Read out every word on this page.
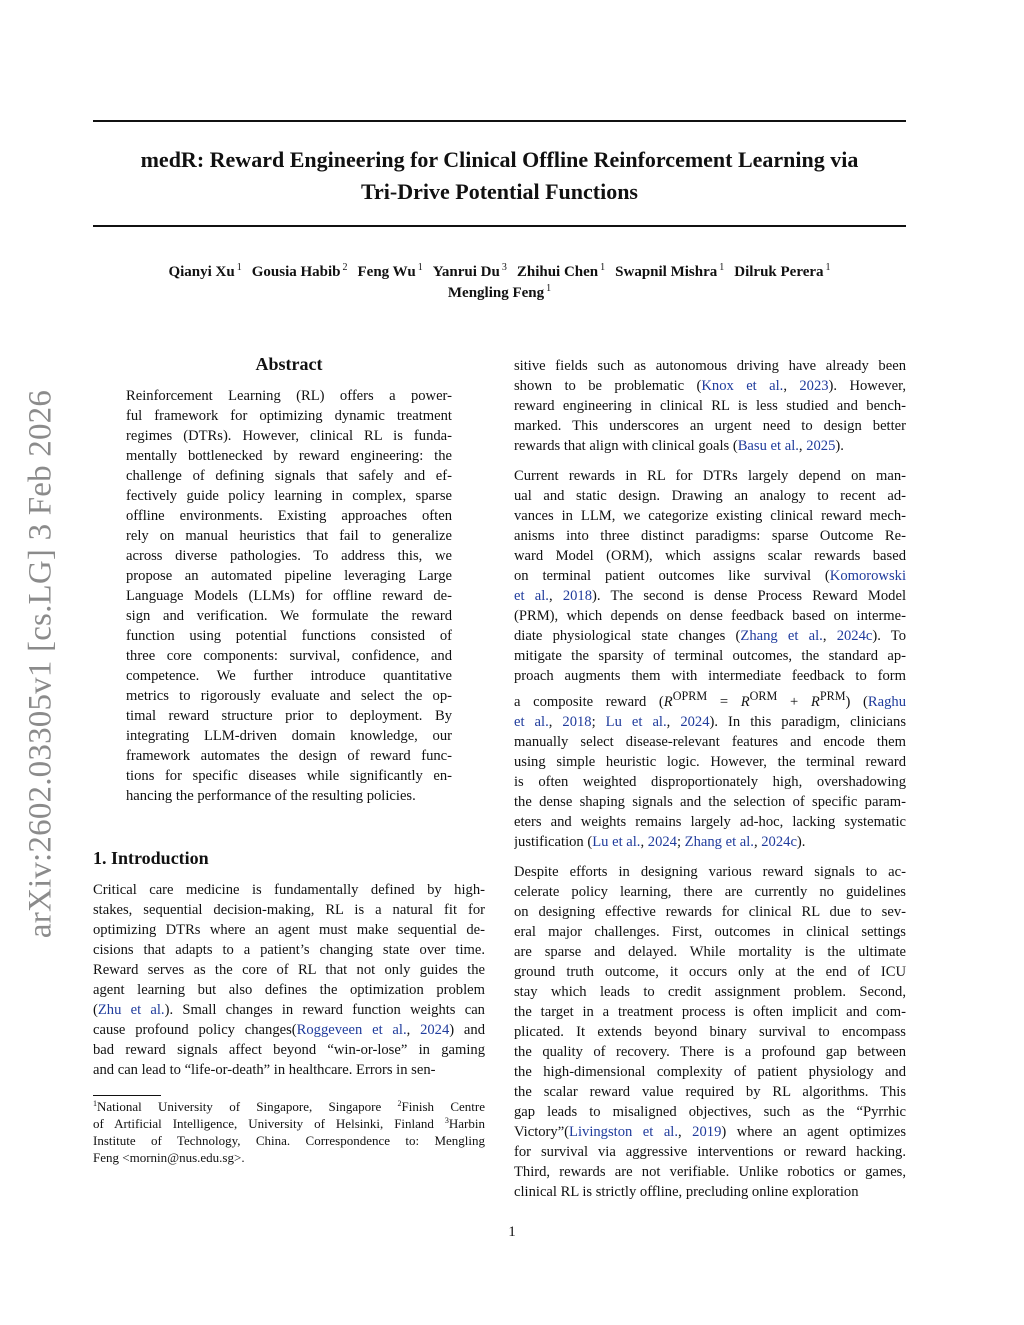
arXiv:2602.03305v1 [cs.LG] 3 Feb 2026
medR: Reward Engineering for Clinical Offline Reinforcement Learning via
Tri-Drive Potential Functions
Qianyi Xu $^1$ Gousia Habib $^2$ Feng Wu $^1$ Yanrui Du $^3$ Zhihui Chen $^1$ Swapnil Mishra $^1$ Dilruk Perera $^1$
Mengling Feng $^1$
Abstract
Reinforcement Learning (RL) offers a power-
ful framework for optimizing dynamic treatment
regimes (DTRs). However, clinical RL is funda-
mentally bottlenecked by reward engineering: the
challenge of defining signals that safely and ef-
fectively guide policy learning in complex, sparse
offline environments. Existing approaches often
rely on manual heuristics that fail to generalize
across diverse pathologies. To address this, we
propose an automated pipeline leveraging Large
Language Models (LLMs) for offline reward de-
sign and verification. We formulate the reward
function using potential functions consisted of
three core components: survival, confidence, and
competence. We further introduce quantitative
metrics to rigorously evaluate and select the op-
timal reward structure prior to deployment. By
integrating LLM-driven domain knowledge, our
framework automates the design of reward func-
tions for specific diseases while significantly en-
hancing the performance of the resulting policies.
1. Introduction
Critical care medicine is fundamentally defined by high-
stakes, sequential decision-making, RL is a natural fit for
optimizing DTRs where an agent must make sequential de-
cisions that adapts to a patient’s changing state over time.
Reward serves as the core of RL that not only guides the
agent learning but also defines the optimization problem
(Zhu et al.). Small changes in reward function weights can
cause profound policy changes(Roggeveen et al., 2024) and
bad reward signals affect beyond “win-or-lose” in gaming
and can lead to “life-or-death” in healthcare. Errors in sen-
$^1$National University of Singapore, Singapore $^2$Finish Centre
of Artificial Intelligence, University of Helsinki, Finland $^3$Harbin
Institute of Technology, China. Correspondence to: Mengling
Feng <mornin@nus.edu.sg>.
sitive fields such as autonomous driving have already been
shown to be problematic (Knox et al., 2023). However,
reward engineering in clinical RL is less studied and bench-
marked. This underscores an urgent need to design better
rewards that align with clinical goals (Basu et al., 2025).
Current rewards in RL for DTRs largely depend on man-
ual and static design. Drawing an analogy to recent ad-
vances in LLM, we categorize existing clinical reward mech-
anisms into three distinct paradigms: sparse Outcome Re-
ward Model (ORM), which assigns scalar rewards based
on terminal patient outcomes like survival (Komorowski
et al., 2018). The second is dense Process Reward Model
(PRM), which depends on dense feedback based on interme-
diate physiological state changes (Zhang et al., 2024c). To
mitigate the sparsity of terminal outcomes, the standard ap-
proach augments them with intermediate feedback to form
a composite reward $(R^{OPRM} = R^{ORM} + R^{PRM})$ (Raghu
et al., 2018; Lu et al., 2024). In this paradigm, clinicians
manually select disease-relevant features and encode them
using simple heuristic logic. However, the terminal reward
is often weighted disproportionately high, overshadowing
the dense shaping signals and the selection of specific param-
eters and weights remains largely ad-hoc, lacking systematic
justification (Lu et al., 2024; Zhang et al., 2024c).
Despite efforts in designing various reward signals to ac-
celerate policy learning, there are currently no guidelines
on designing effective rewards for clinical RL due to sev-
eral major challenges. First, outcomes in clinical settings
are sparse and delayed. While mortality is the ultimate
ground truth outcome, it occurs only at the end of ICU
stay which leads to credit assignment problem. Second,
the target in a treatment process is often implicit and com-
plicated. It extends beyond binary survival to encompass
the quality of recovery. There is a profound gap between
the high-dimensional complexity of patient physiology and
the scalar reward value required by RL algorithms. This
gap leads to misaligned objectives, such as the “Pyrrhic
Victory”(Livingston et al., 2019) where an agent optimizes
for survival via aggressive interventions or reward hacking.
Third, rewards are not verifiable. Unlike robotics or games,
clinical RL is strictly offline, precluding online exploration
1
